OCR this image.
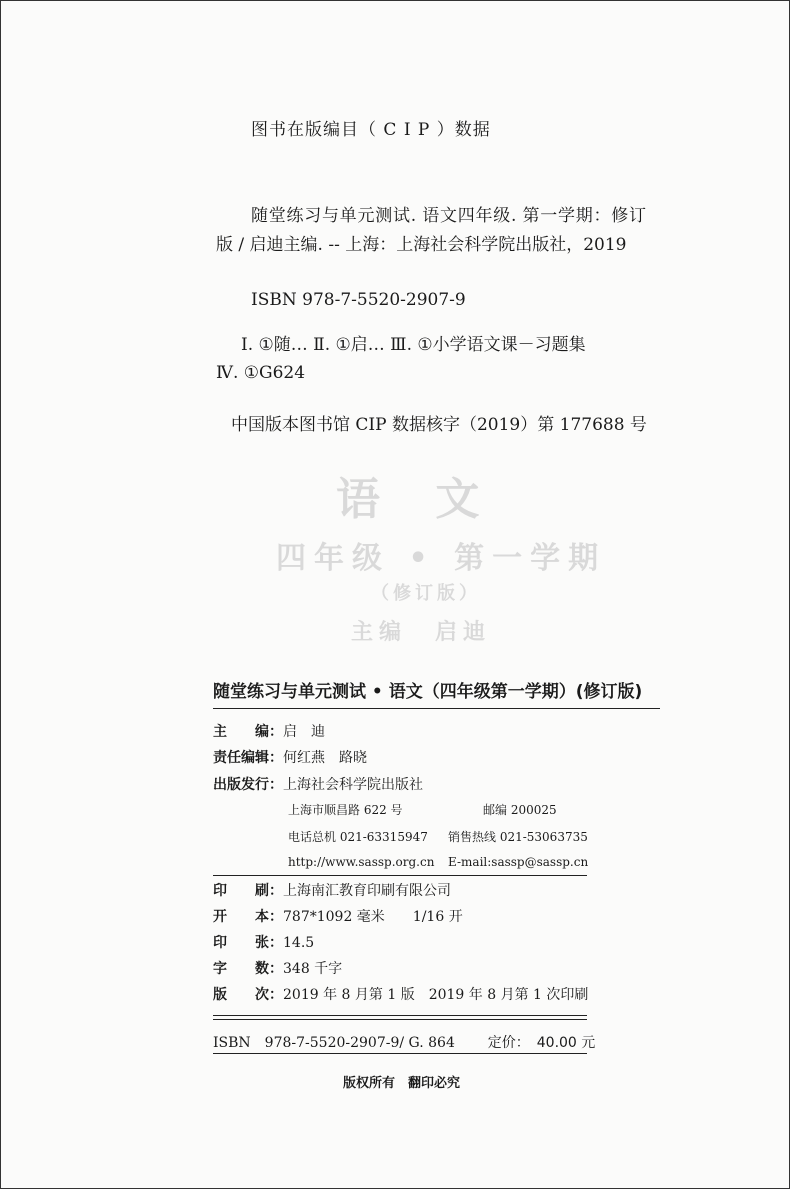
语 文
四年级 • 第一学期
（修订版）
主编　启迪
图书在版编目（ C I P ）数据
随堂练习与单元测试. 语文四年级. 第一学期：修订版 / 启迪主编. -- 上海：上海社会科学院出版社，2019
ISBN 978-7-5520-2907-9
Ⅰ. ①随… Ⅱ. ①启… Ⅲ. ①小学语文课－习题集
Ⅳ. ①G624
中国版本图书馆 CIP 数据核字（2019）第 177688 号
随堂练习与单元测试 • 语文（四年级第一学期）(修订版)
主　　编：启　迪
责任编辑：何红燕　路晓
出版发行：上海社会科学院出版社
上海市顺昌路 622 号	邮编 200025
电话总机 021-63315947 销售热线 021-53063735
http://www.sassp.org.cn E-mail:sassp@sassp.cn
印　　刷：上海南汇教育印刷有限公司
开　　本：787*1092 毫米　　1/16 开
印　　张：14.5
字　　数：348 千字
版　　次：2019 年 8 月第 1 版　2019 年 8 月第 1 次印刷
ISBN　978-7-5520-2907-9/ G. 864 定价：　40.00 元
版权所有　翻印必究
